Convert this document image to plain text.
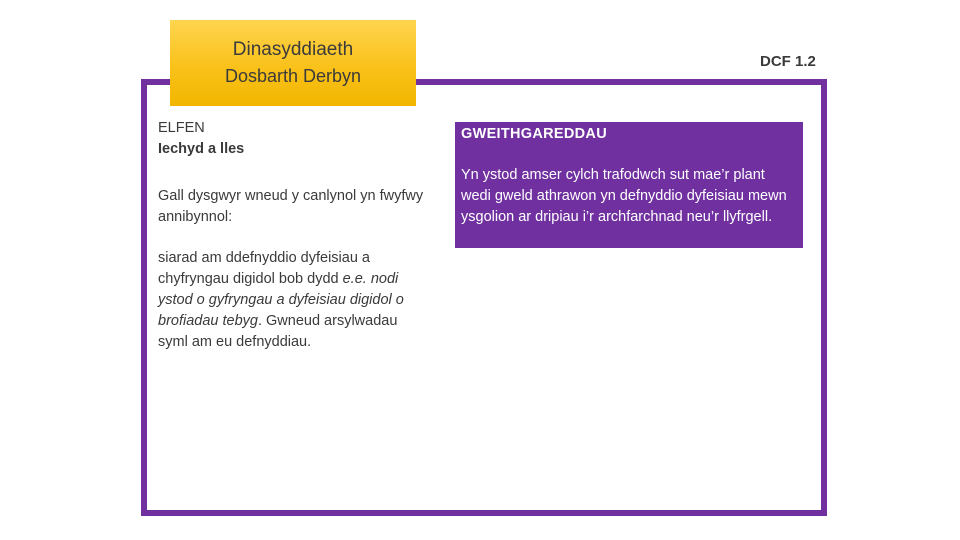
Dinasyddiaeth
Dosbarth Derbyn
DCF 1.2
ELFEN
Iechyd a lles
Gall dysgwyr wneud y canlynol yn fwyfwy annibynnol:
siarad am ddefnyddio dyfeisiau a chyfryngau digidol bob dydd e.e. nodi ystod o gyfryngau a dyfeisiau digidol o brofiadau tebyg. Gwneud arsylwadau syml am eu defnyddiau.
GWEITHGAREDDAU
Yn ystod amser cylch trafodwch sut mae’r plant wedi gweld athrawon yn defnyddio dyfeisiau mewn ysgolion ar dripiau i’r archfarchnad neu’r llyfrgell.
